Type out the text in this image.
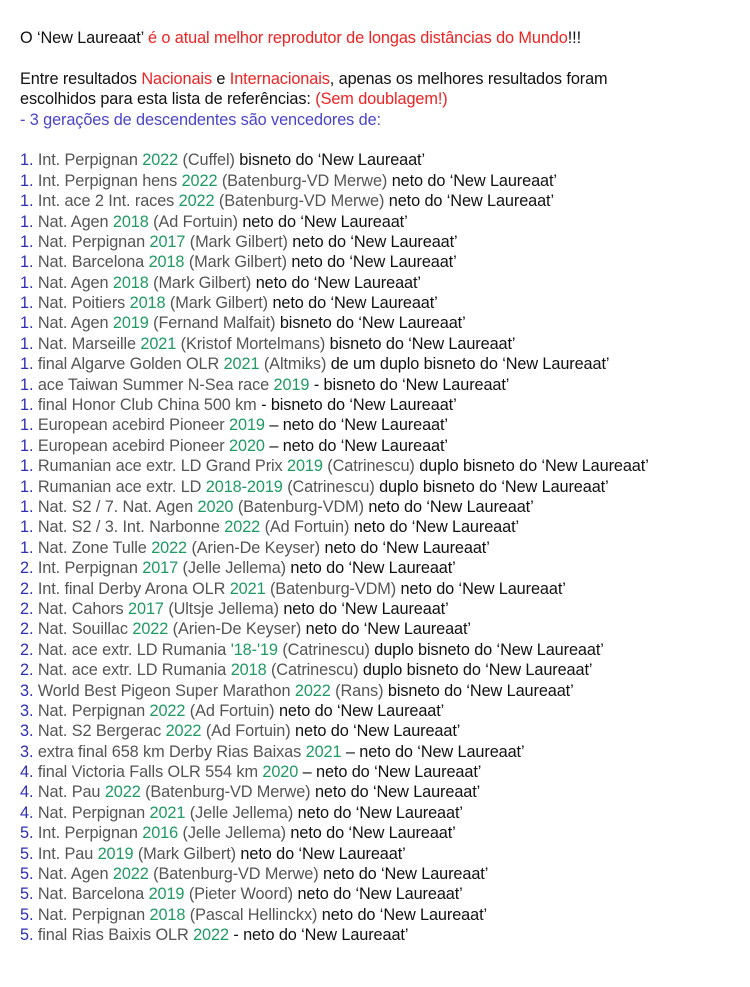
O ‘New Laureaat’ é o atual melhor reprodutor de longas distâncias do Mundo!!!
Entre resultados Nacionais e Internacionais, apenas os melhores resultados foram
escolhidos para esta lista de referências: (Sem doublagem!)
- 3 gerações de descendentes são vencedores de:
1. Int. Perpignan 2022 (Cuffel) bisneto do ‘New Laureaat’
1. Int. Perpignan hens 2022 (Batenburg-VD Merwe) neto do ‘New Laureaat’
1. Int. ace 2 Int. races 2022 (Batenburg-VD Merwe) neto do ‘New Laureaat’
1. Nat. Agen 2018 (Ad Fortuin) neto do ‘New Laureaat’
1. Nat. Perpignan 2017 (Mark Gilbert) neto do ‘New Laureaat’
1. Nat. Barcelona 2018 (Mark Gilbert) neto do ‘New Laureaat’
1. Nat. Agen 2018 (Mark Gilbert) neto do ‘New Laureaat’
1. Nat. Poitiers 2018 (Mark Gilbert) neto do ‘New Laureaat’
1. Nat. Agen 2019 (Fernand Malfait) bisneto do ‘New Laureaat’
1. Nat. Marseille 2021 (Kristof Mortelmans) bisneto do ‘New Laureaat’
1. final Algarve Golden OLR 2021 (Altmiks) de um duplo bisneto do ‘New Laureaat’
1. ace Taiwan Summer N-Sea race 2019 - bisneto do ‘New Laureaat’
1. final Honor Club China 500 km - bisneto do ‘New Laureaat’
1. European acebird Pioneer 2019 – neto do ‘New Laureaat’
1. European acebird Pioneer 2020 – neto do ‘New Laureaat’
1. Rumanian ace extr. LD Grand Prix 2019 (Catrinescu) duplo bisneto do ‘New Laureaat’
1. Rumanian ace extr. LD 2018-2019 (Catrinescu) duplo bisneto do ‘New Laureaat’
1. Nat. S2 / 7. Nat. Agen 2020 (Batenburg-VDM) neto do ‘New Laureaat’
1. Nat. S2 / 3. Int. Narbonne 2022 (Ad Fortuin) neto do ‘New Laureaat’
1. Nat. Zone Tulle 2022 (Arien-De Keyser) neto do ‘New Laureaat’
2. Int. Perpignan 2017 (Jelle Jellema) neto do ‘New Laureaat’
2. Int. final Derby Arona OLR 2021 (Batenburg-VDM) neto do ‘New Laureaat’
2. Nat. Cahors 2017 (Ultsje Jellema) neto do ‘New Laureaat’
2. Nat. Souillac 2022 (Arien-De Keyser) neto do ‘New Laureaat’
2. Nat. ace extr. LD Rumania '18-'19 (Catrinescu) duplo bisneto do ‘New Laureaat’
2. Nat. ace extr. LD Rumania 2018 (Catrinescu) duplo bisneto do ‘New Laureaat’
3. World Best Pigeon Super Marathon 2022 (Rans) bisneto do ‘New Laureaat’
3. Nat. Perpignan 2022 (Ad Fortuin) neto do ‘New Laureaat’
3. Nat. S2 Bergerac 2022 (Ad Fortuin) neto do ‘New Laureaat’
3. extra final 658 km Derby Rias Baixas 2021 – neto do ‘New Laureaat’
4. final Victoria Falls OLR 554 km 2020 – neto do ‘New Laureaat’
4. Nat. Pau 2022 (Batenburg-VD Merwe) neto do ‘New Laureaat’
4. Nat. Perpignan 2021 (Jelle Jellema) neto do ‘New Laureaat’
5. Int. Perpignan 2016 (Jelle Jellema) neto do ‘New Laureaat’
5. Int. Pau 2019 (Mark Gilbert) neto do ‘New Laureaat’
5. Nat. Agen 2022 (Batenburg-VD Merwe) neto do ‘New Laureaat’
5. Nat. Barcelona 2019 (Pieter Woord) neto do ‘New Laureaat’
5. Nat. Perpignan 2018 (Pascal Hellinckx) neto do ‘New Laureaat’
5. final Rias Baixis OLR 2022 - neto do ‘New Laureaat’
